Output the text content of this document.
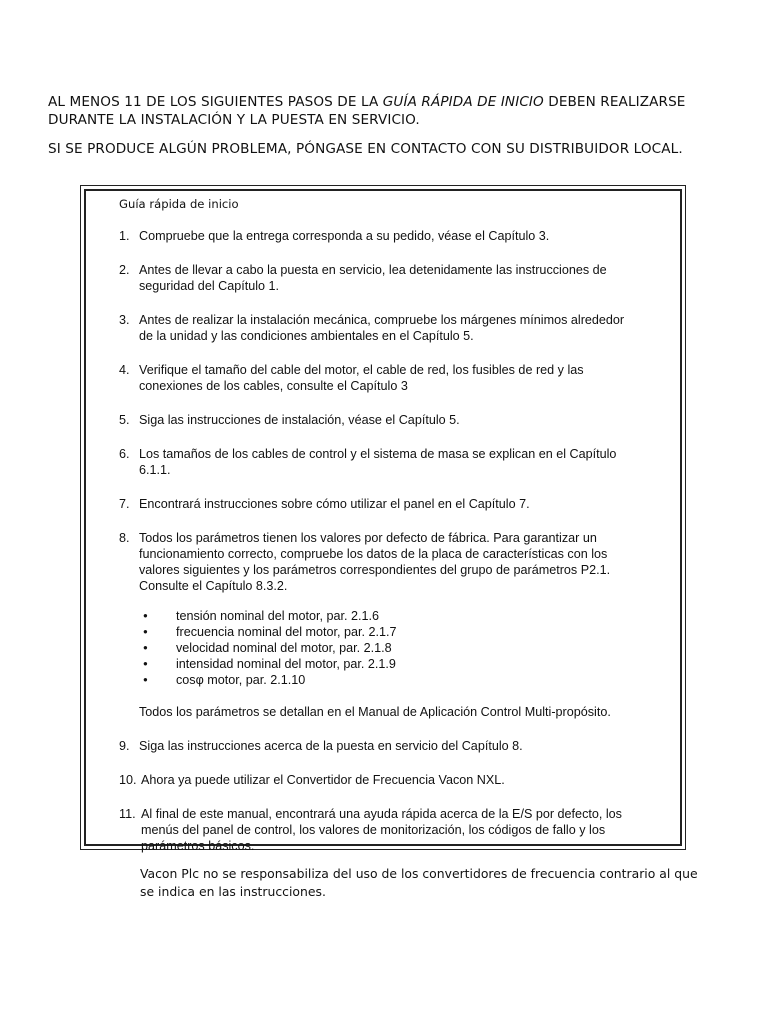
AL MENOS 11 DE LOS SIGUIENTES PASOS DE LA GUÍA RÁPIDA DE INICIO DEBEN REALIZARSE DURANTE LA INSTALACIÓN Y LA PUESTA EN SERVICIO.

SI SE PRODUCE ALGÚN PROBLEMA, PÓNGASE EN CONTACTO CON SU DISTRIBUIDOR LOCAL.

Guía rápida de inicio

1. Compruebe que la entrega corresponda a su pedido, véase el Capítulo 3.
2. Antes de llevar a cabo la puesta en servicio, lea detenidamente las instrucciones de seguridad del Capítulo 1.
3. Antes de realizar la instalación mecánica, compruebe los márgenes mínimos alrededor de la unidad y las condiciones ambientales en el Capítulo 5.
4. Verifique el tamaño del cable del motor, el cable de red, los fusibles de red y las conexiones de los cables, consulte el Capítulo 3
5. Siga las instrucciones de instalación, véase el Capítulo 5.
6. Los tamaños de los cables de control y el sistema de masa se explican en el Capítulo 6.1.1.
7. Encontrará instrucciones sobre cómo utilizar el panel en el Capítulo 7.
8. Todos los parámetros tienen los valores por defecto de fábrica. Para garantizar un funcionamiento correcto, compruebe los datos de la placa de características con los valores siguientes y los parámetros correspondientes del grupo de parámetros P2.1. Consulte el Capítulo 8.3.2.
● tensión nominal del motor, par. 2.1.6
● frecuencia nominal del motor, par. 2.1.7
● velocidad nominal del motor, par. 2.1.8
● intensidad nominal del motor, par. 2.1.9
● cosφ motor, par. 2.1.10
Todos los parámetros se detallan en el Manual de Aplicación Control Multi-propósito.
9. Siga las instrucciones acerca de la puesta en servicio del Capítulo 8.
10. Ahora ya puede utilizar el Convertidor de Frecuencia Vacon NXL.
11. Al final de este manual, encontrará una ayuda rápida acerca de la E/S por defecto, los menús del panel de control, los valores de monitorización, los códigos de fallo y los parámetros básicos.

Vacon Plc no se responsabiliza del uso de los convertidores de frecuencia contrario al que se indica en las instrucciones.
